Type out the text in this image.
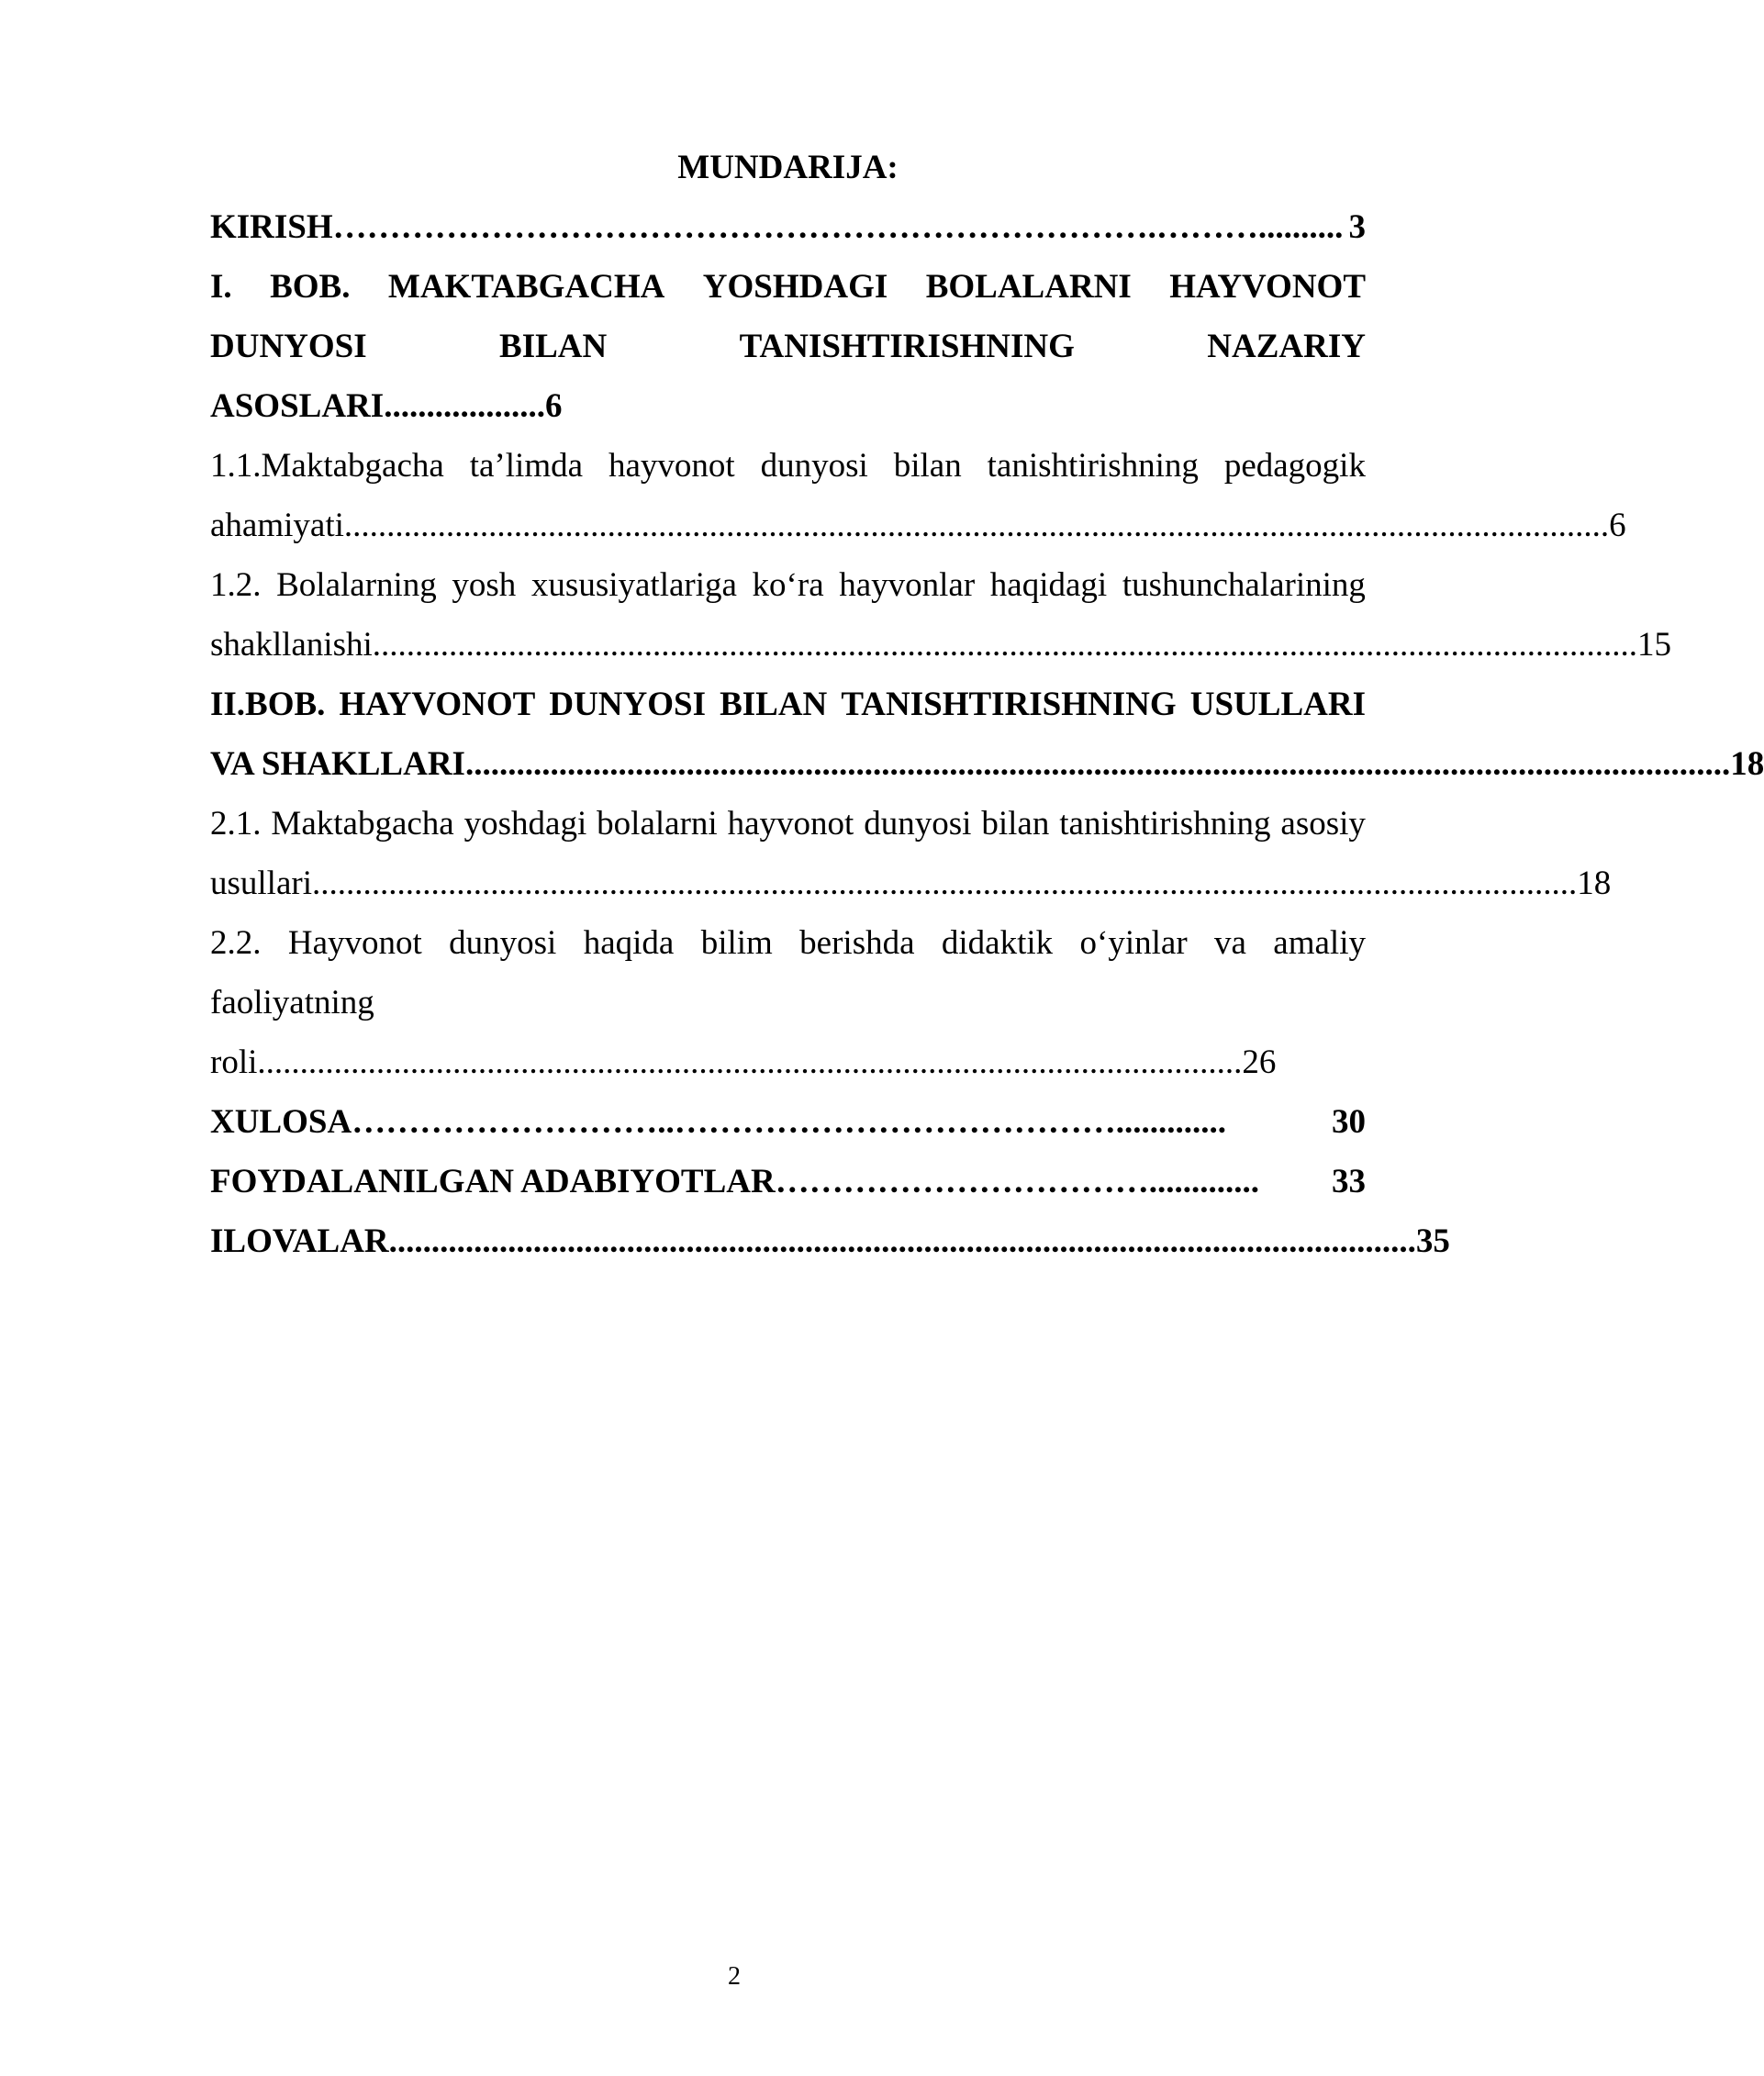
MUNDARIJA:
KIRISH ……………………………………………………………….……….......... 3
I. BOB. MAKTABGACHA YOSHDAGI BOLALARNI HAYVONOT
DUNYOSI	BILAN	TANISHTIRISHNING	NAZARIY
ASOSLARI...................6
1.1.Maktabgacha ta’limda hayvonot dunyosi bilan tanishtirishning pedagogik
ahamiyati ..................................................................................................................................................... 6
1.2. Bolalarning yosh xususiyatlariga ko‘ra hayvonlar haqidagi tushunchalarining
shakllanishi ..................................................................................................................................................... 15
II.BOB. HAYVONOT DUNYOSI BILAN TANISHTIRISHNING USULLARI
VA SHAKLLARI ..................................................................................................................................................... 18
2.1. Maktabgacha yoshdagi bolalarni hayvonot dunyosi bilan tanishtirishning asosiy
usullari ..................................................................................................................................................... 18
2.2. Hayvonot dunyosi haqida bilim berishda didaktik o‘yinlar va amaliy
faoliyatning
roli....................................................................................................................26
XULOSA ………………………..………………………………….............	30
FOYDALANILGAN ADABIYOTLAR …………………………….............	33
ILOVALAR ......................................................................................................................... 35
2
